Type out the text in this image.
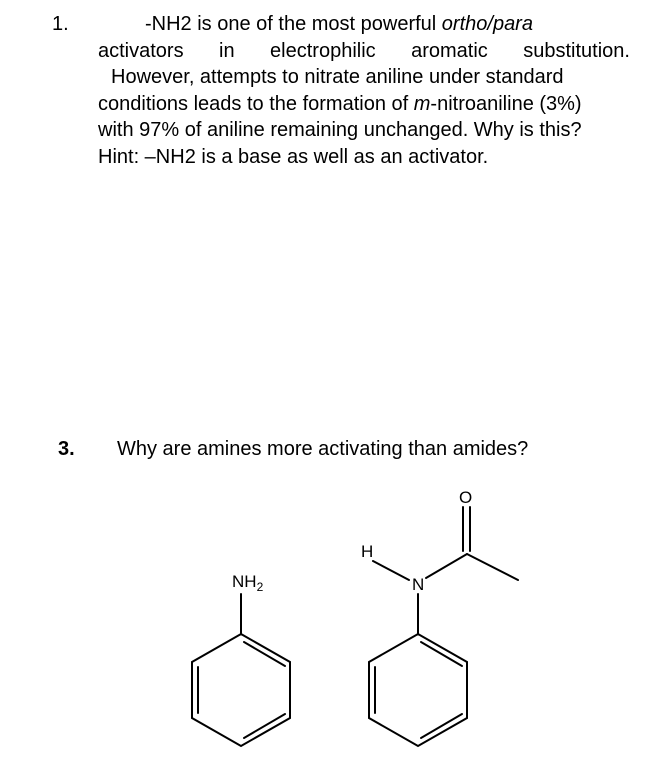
1.	-NH2 is one of the most powerful ortho/para
activators in electrophilic aromatic substitution.
However, attempts to nitrate aniline under standard
conditions leads to the formation of m-nitroaniline (3%)
with 97% of aniline remaining unchanged. Why is this?
Hint: –NH2 is a base as well as an activator.
3. Why are amines more activating than amides?
$NH_2$
H
N
O
